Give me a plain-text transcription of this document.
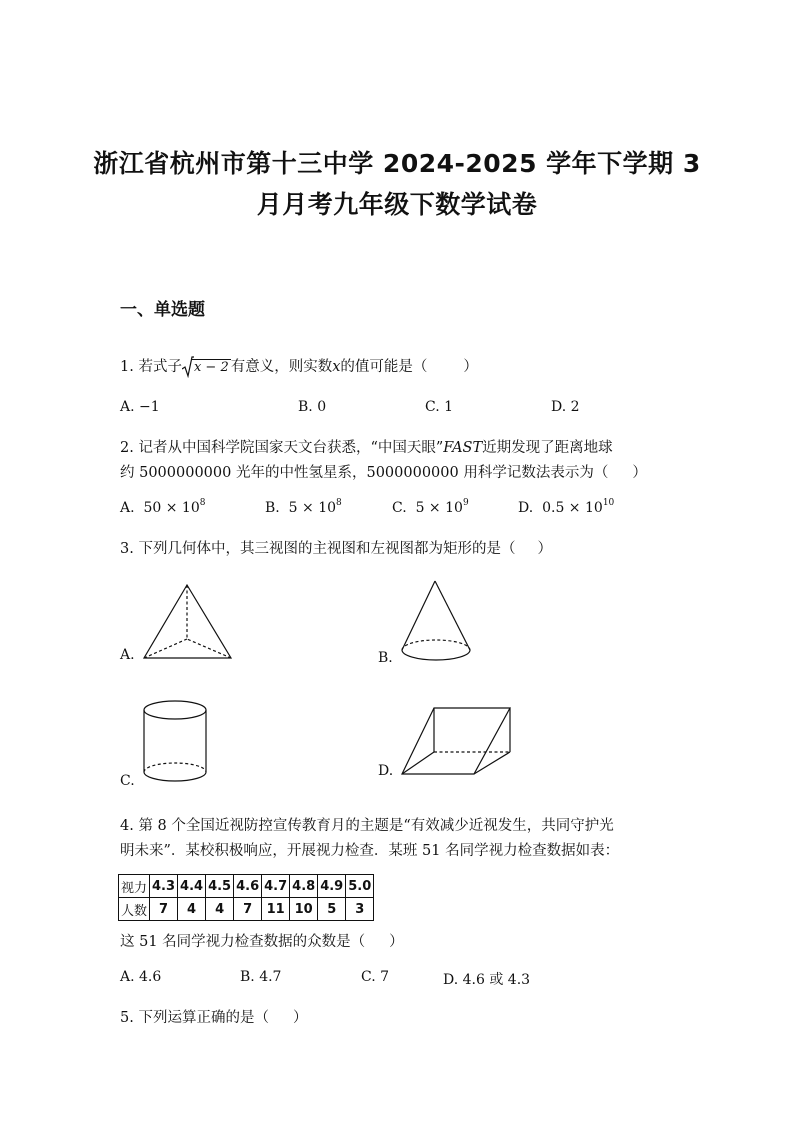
浙江省杭州市第十三中学 2024-2025 学年下学期 3
月月考九年级下数学试卷
一、单选题
1. 若式子 x − 2 有意义，则实数x的值可能是（ ）
A. −1	B. 0	C. 1	D. 2
2. 记者从中国科学院国家天文台获悉，“中国天眼”FAST近期发现了距离地球
约 5000000000 光年的中性氢星系，5000000000 用科学记数法表示为（ ）
A. $50 \times 10^8$	B. $5 \times 10^8$	C. $5 \times 10^9$	D. $0.5 \times 10^{10}$
3. 下列几何体中，其三视图的主视图和左视图都为矩形的是（ ）
A.	B.
C.
D.
4. 第 8 个全国近视防控宣传教育月的主题是“有效减少近视发生，共同守护光
明未来”．某校积极响应，开展视力检查．某班 51 名同学视力检查数据如表：
视力	4.3	4.4	4.5	4.6	4.7	4.8	4.9	5.0
人数	7	4	4	7	11	10	5	3
这 51 名同学视力检查数据的众数是（ ）
A. 4.6	B. 4.7	C. 7	D. 4.6 或 4.3
5. 下列运算正确的是（ ）
